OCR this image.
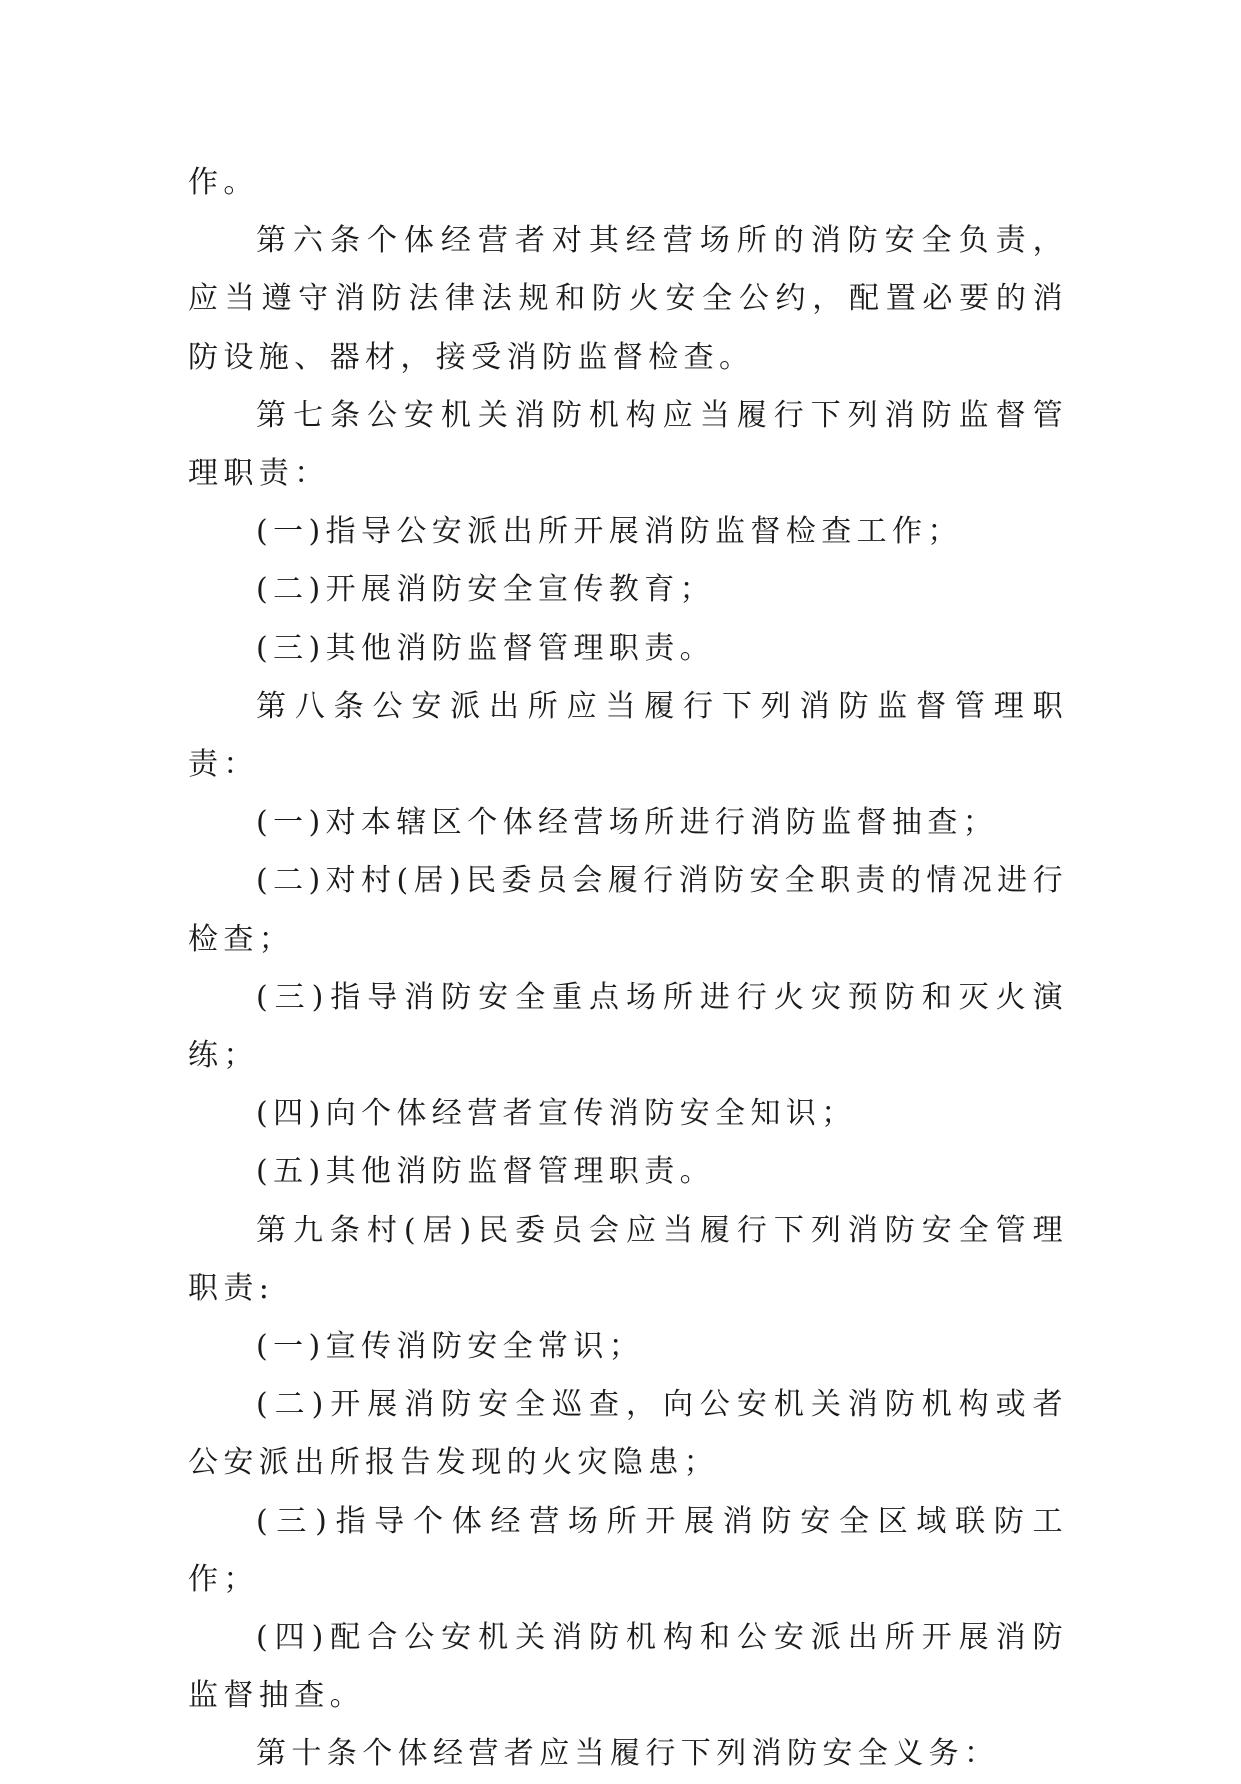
作。

第六条个体经营者对其经营场所的消防安全负责，应当遵守消防法律法规和防火安全公约，配置必要的消防设施、器材，接受消防监督检查。

第七条公安机关消防机构应当履行下列消防监督管理职责：

(一)指导公安派出所开展消防监督检查工作；

(二)开展消防安全宣传教育；

(三)其他消防监督管理职责。

第八条公安派出所应当履行下列消防监督管理职责：

(一)对本辖区个体经营场所进行消防监督抽查；

(二)对村(居)民委员会履行消防安全职责的情况进行检查；

(三)指导消防安全重点场所进行火灾预防和灭火演练；

(四)向个体经营者宣传消防安全知识；

(五)其他消防监督管理职责。

第九条村(居)民委员会应当履行下列消防安全管理职责:

(一)宣传消防安全常识；

(二)开展消防安全巡查，向公安机关消防机构或者公安派出所报告发现的火灾隐患；

(三)指导个体经营场所开展消防安全区域联防工作；

(四)配合公安机关消防机构和公安派出所开展消防监督抽查。

第十条个体经营者应当履行下列消防安全义务：
